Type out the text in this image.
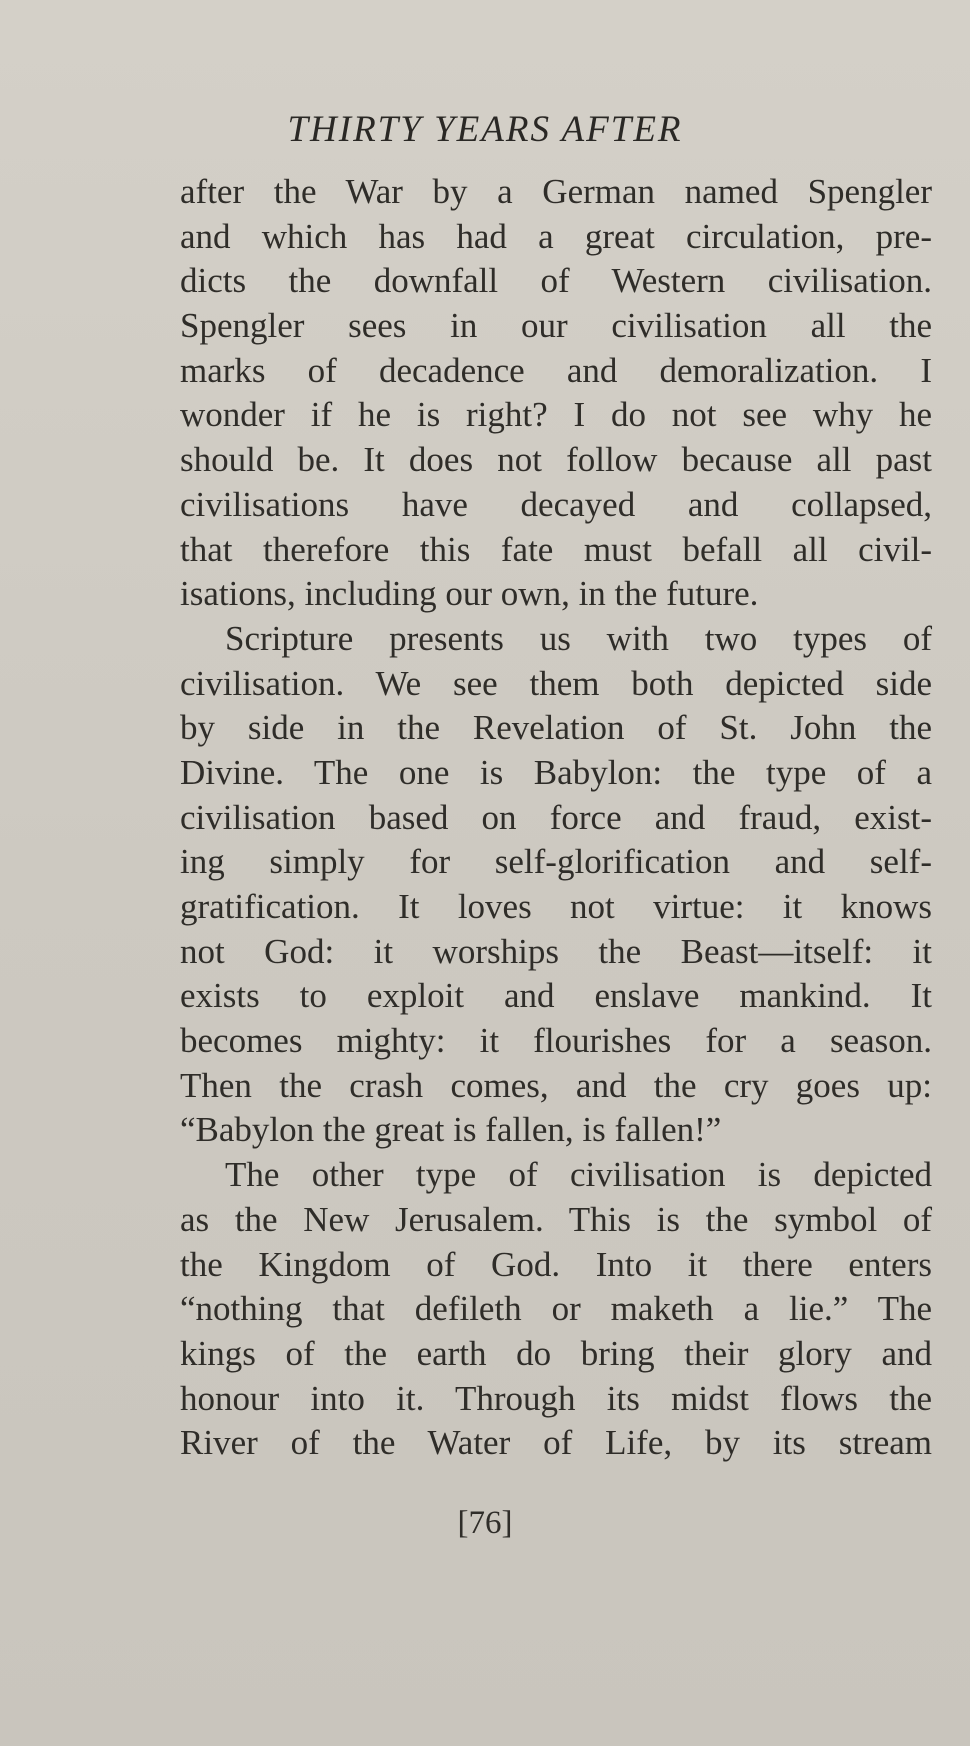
THIRTY YEARS AFTER
after the War by a German named Spengler
and which has had a great circulation, pre-
dicts the downfall of Western civilisation.
Spengler sees in our civilisation all the
marks of decadence and demoralization. I
wonder if he is right? I do not see why he
should be. It does not follow because all past
civilisations have decayed and collapsed,
that therefore this fate must befall all civil-
isations, including our own, in the future.
Scripture presents us with two types of
civilisation. We see them both depicted side
by side in the Revelation of St. John the
Divine. The one is Babylon: the type of a
civilisation based on force and fraud, exist-
ing simply for self-glorification and self-
gratification. It loves not virtue: it knows
not God: it worships the Beast—itself: it
exists to exploit and enslave mankind. It
becomes mighty: it flourishes for a season.
Then the crash comes, and the cry goes up:
“Babylon the great is fallen, is fallen!”
The other type of civilisation is depicted
as the New Jerusalem. This is the symbol of
the Kingdom of God. Into it there enters
“nothing that defileth or maketh a lie.” The
kings of the earth do bring their glory and
honour into it. Through its midst flows the
River of the Water of Life, by its stream
[76]
